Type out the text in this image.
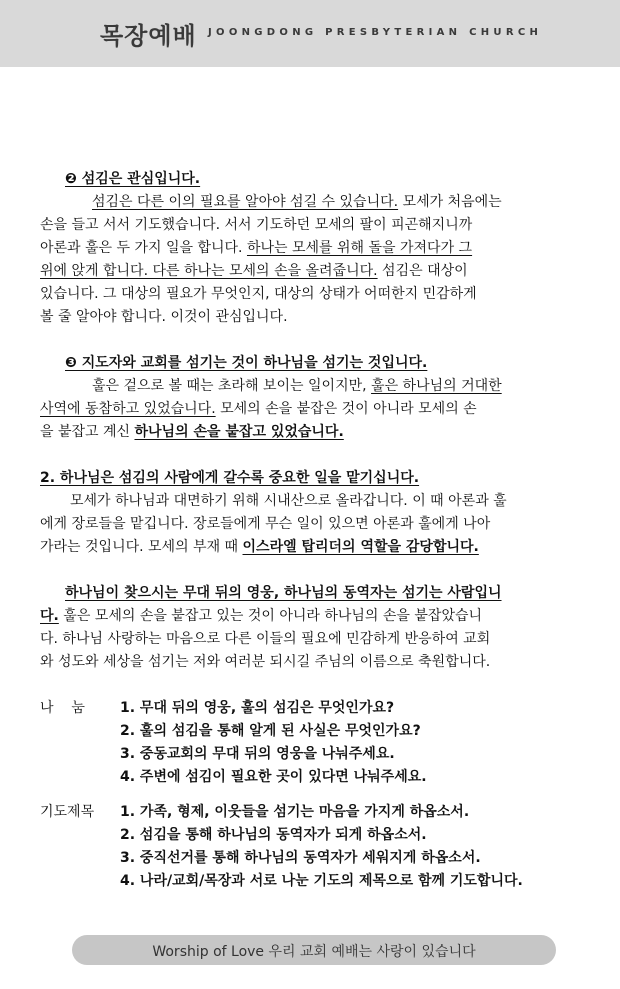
목장예배 JOONGDONG PRESBYTERIAN CHURCH
❷ 섬김은 관심입니다.
섬김은 다른 이의 필요를 알아야 섬길 수 있습니다. 모세가 처음에는
손을 들고 서서 기도했습니다. 서서 기도하던 모세의 팔이 피곤해지니까
아론과 훌은 두 가지 일을 합니다. 하나는 모세를 위해 돌을 가져다가 그
위에 앉게 합니다. 다른 하나는 모세의 손을 올려줍니다. 섬김은 대상이
있습니다. 그 대상의 필요가 무엇인지, 대상의 상태가 어떠한지 민감하게
볼 줄 알아야 합니다. 이것이 관심입니다.
❸ 지도자와 교회를 섬기는 것이 하나님을 섬기는 것입니다.
훌은 겉으로 볼 때는 초라해 보이는 일이지만, 훌은 하나님의 거대한
사역에 동참하고 있었습니다. 모세의 손을 붙잡은 것이 아니라 모세의 손
을 붙잡고 계신 하나님의 손을 붙잡고 있었습니다.
2. 하나님은 섬김의 사람에게 갈수록 중요한 일을 맡기십니다.
모세가 하나님과 대면하기 위해 시내산으로 올라갑니다. 이 때 아론과 훌
에게 장로들을 맡깁니다. 장로들에게 무슨 일이 있으면 아론과 훌에게 나아
가라는 것입니다. 모세의 부재 때 이스라엘 탑리더의 역할을 감당합니다.
하나님이 찾으시는 무대 뒤의 영웅, 하나님의 동역자는 섬기는 사람입니
다. 훌은 모세의 손을 붙잡고 있는 것이 아니라 하나님의 손을 붙잡았습니
다. 하나님 사랑하는 마음으로 다른 이들의 필요에 민감하게 반응하여 교회
와 성도와 세상을 섬기는 저와 여러분 되시길 주님의 이름으로 축원합니다.
나    눔	1. 무대 뒤의 영웅, 훌의 섬김은 무엇인가요?
2. 훌의 섬김을 통해 알게 된 사실은 무엇인가요?
3. 중동교회의 무대 뒤의 영웅을 나눠주세요.
4. 주변에 섬김이 필요한 곳이 있다면 나눠주세요.
기도제목	1. 가족, 형제, 이웃들을 섬기는 마음을 가지게 하옵소서.
2. 섬김을 통해 하나님의 동역자가 되게 하옵소서.
3. 중직선거를 통해 하나님의 동역자가 세워지게 하옵소서.
4. 나라/교회/목장과 서로 나눈 기도의 제목으로 함께 기도합니다.
Worship of Love 우리 교회 예배는 사랑이 있습니다
